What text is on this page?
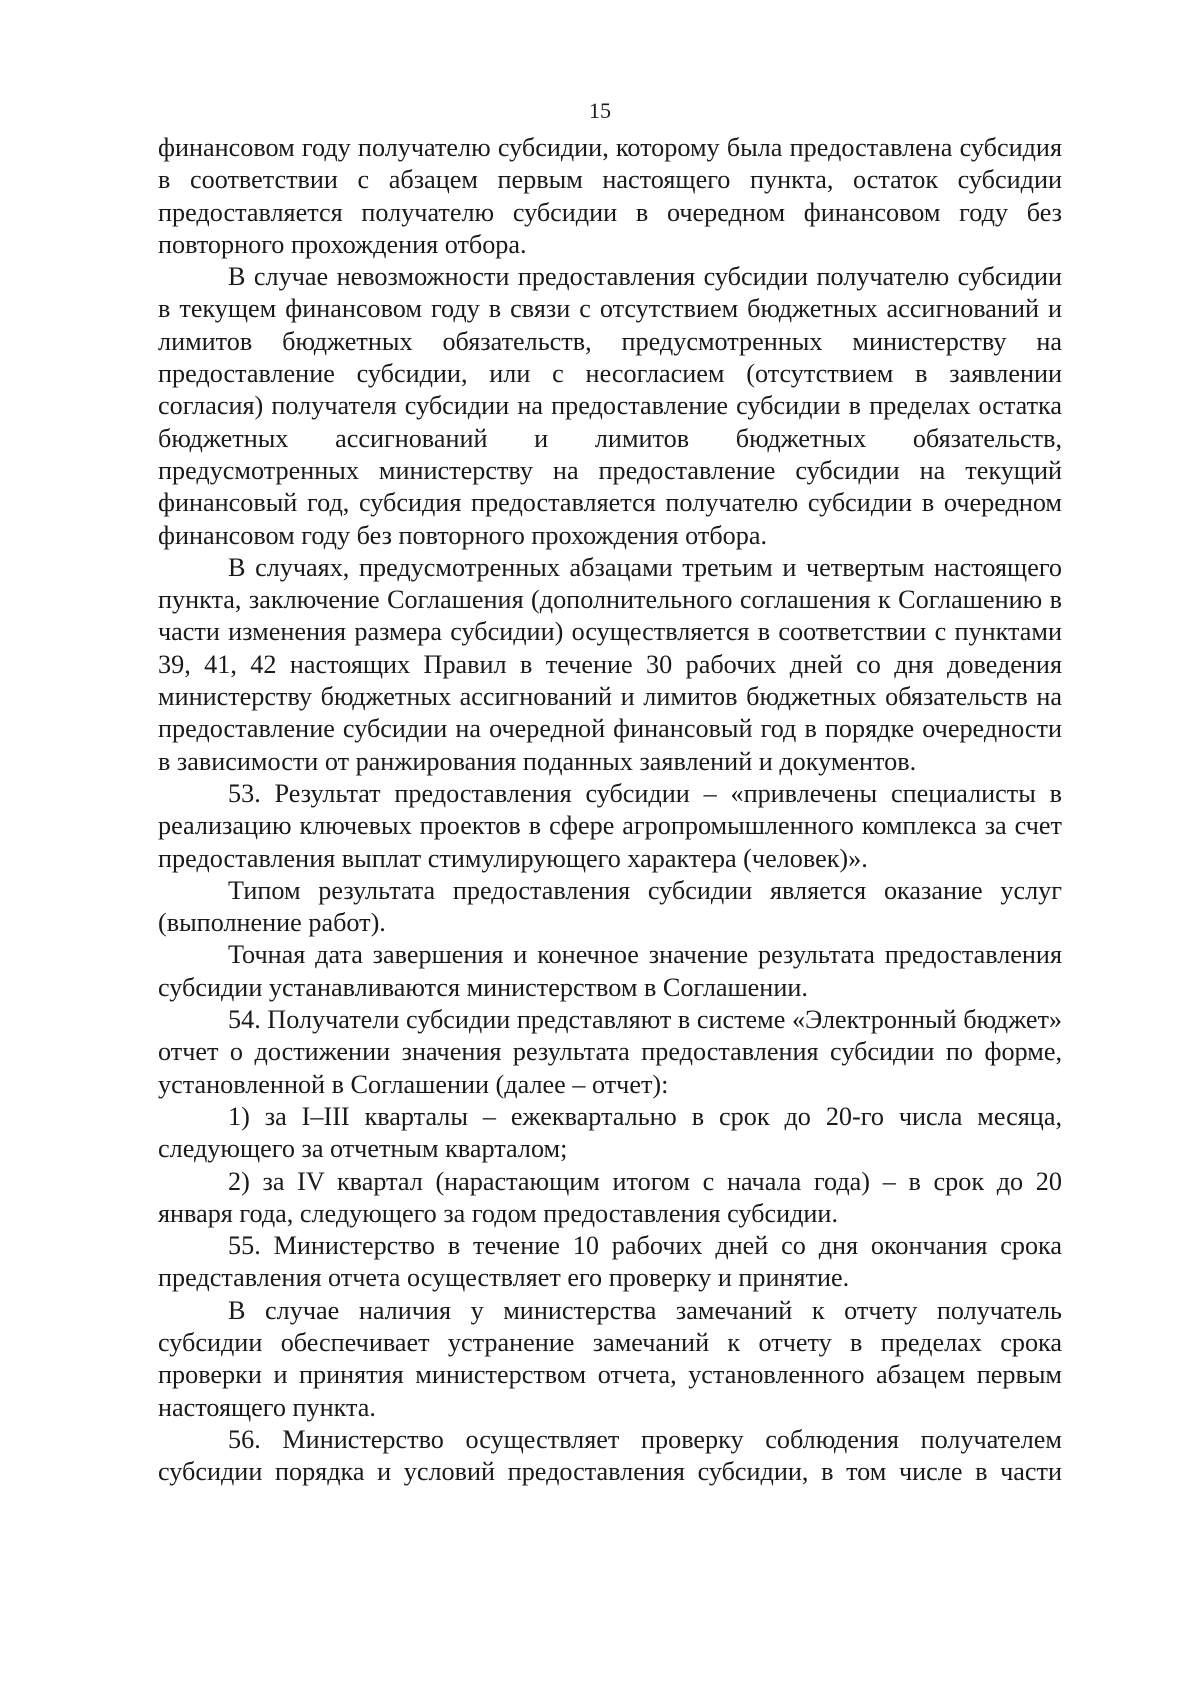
15

финансовом году получателю субсидии, которому была предоставлена субсидия в соответствии с абзацем первым настоящего пункта, остаток субсидии предоставляется получателю субсидии в очередном финансовом году без повторного прохождения отбора.

В случае невозможности предоставления субсидии получателю субсидии в текущем финансовом году в связи с отсутствием бюджетных ассигнований и лимитов бюджетных обязательств, предусмотренных министерству на предоставление субсидии, или с несогласием (отсутствием в заявлении согласия) получателя субсидии на предоставление субсидии в пределах остатка бюджетных ассигнований и лимитов бюджетных обязательств, предусмотренных министерству на предоставление субсидии на текущий финансовый год, субсидия предоставляется получателю субсидии в очередном финансовом году без повторного прохождения отбора.

В случаях, предусмотренных абзацами третьим и четвертым настоящего пункта, заключение Соглашения (дополнительного соглашения к Соглашению в части изменения размера субсидии) осуществляется в соответствии с пунктами 39, 41, 42 настоящих Правил в течение 30 рабочих дней со дня доведения министерству бюджетных ассигнований и лимитов бюджетных обязательств на предоставление субсидии на очередной финансовый год в порядке очередности в зависимости от ранжирования поданных заявлений и документов.

53. Результат предоставления субсидии – «привлечены специалисты в реализацию ключевых проектов в сфере агропромышленного комплекса за счет предоставления выплат стимулирующего характера (человек)».

Типом результата предоставления субсидии является оказание услуг (выполнение работ).

Точная дата завершения и конечное значение результата предоставления субсидии устанавливаются министерством в Соглашении.

54. Получатели субсидии представляют в системе «Электронный бюджет» отчет о достижении значения результата предоставления субсидии по форме, установленной в Соглашении (далее – отчет):

1) за I–III кварталы – ежеквартально в срок до 20-го числа месяца, следующего за отчетным кварталом;

2) за IV квартал (нарастающим итогом с начала года) – в срок до 20 января года, следующего за годом предоставления субсидии.

55. Министерство в течение 10 рабочих дней со дня окончания срока представления отчета осуществляет его проверку и принятие.

В случае наличия у министерства замечаний к отчету получатель субсидии обеспечивает устранение замечаний к отчету в пределах срока проверки и принятия министерством отчета, установленного абзацем первым настоящего пункта.

56. Министерство осуществляет проверку соблюдения получателем субсидии порядка и условий предоставления субсидии, в том числе в части
